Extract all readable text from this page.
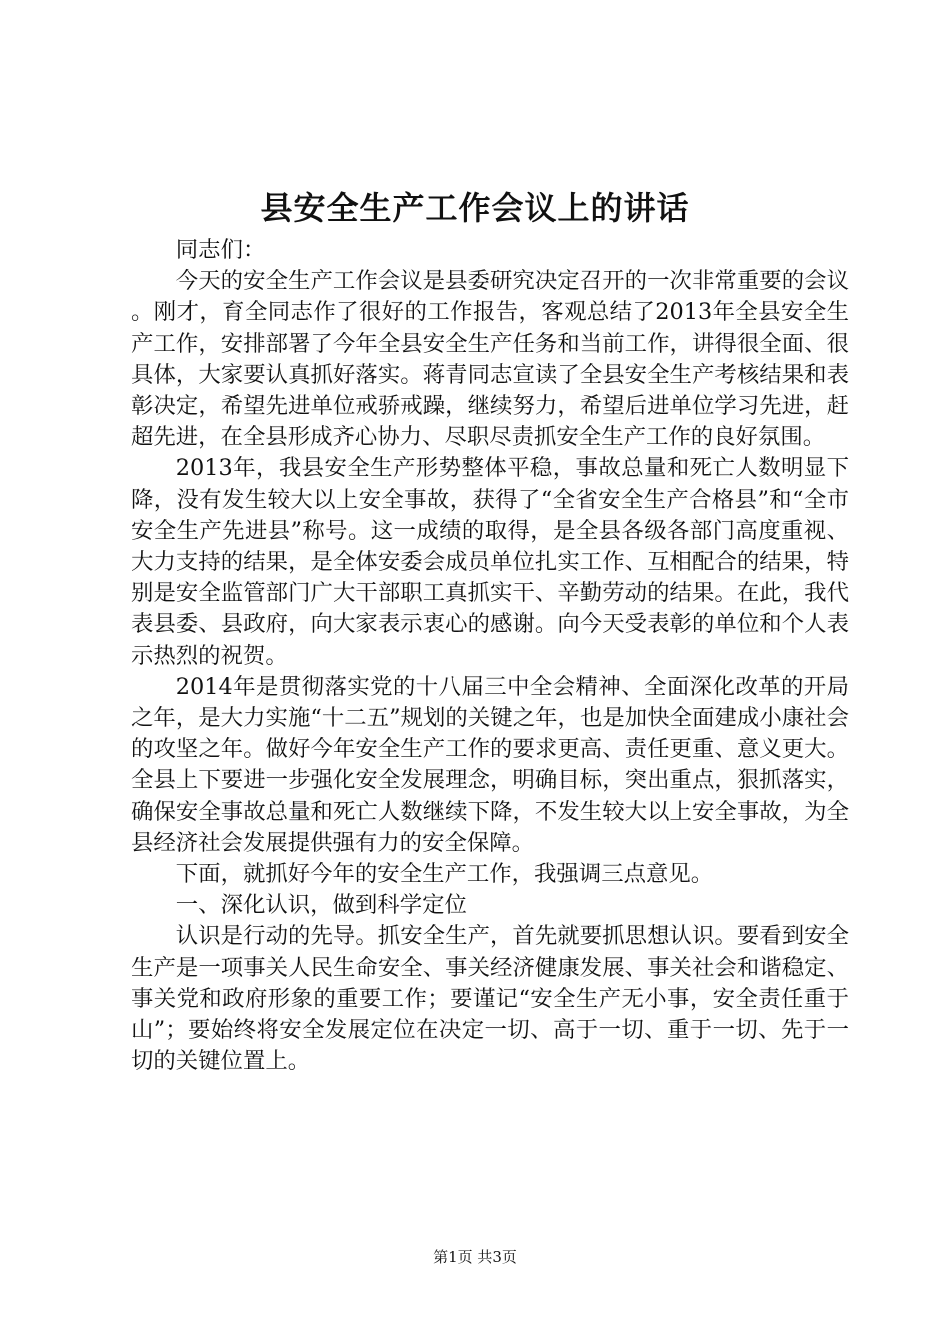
县安全生产工作会议上的讲话

同志们：

今天的安全生产工作会议是县委研究决定召开的一次非常重要的会议。刚才，育全同志作了很好的工作报告，客观总结了2013年全县安全生产工作，安排部署了今年全县安全生产任务和当前工作，讲得很全面、很具体，大家要认真抓好落实。蒋青同志宣读了全县安全生产考核结果和表彰决定，希望先进单位戒骄戒躁，继续努力，希望后进单位学习先进，赶超先进，在全县形成齐心协力、尽职尽责抓安全生产工作的良好氛围。

2013年，我县安全生产形势整体平稳，事故总量和死亡人数明显下降，没有发生较大以上安全事故，获得了“全省安全生产合格县”和“全市安全生产先进县”称号。这一成绩的取得，是全县各级各部门高度重视、大力支持的结果，是全体安委会成员单位扎实工作、互相配合的结果，特别是安全监管部门广大干部职工真抓实干、辛勤劳动的结果。在此，我代表县委、县政府，向大家表示衷心的感谢。向今天受表彰的单位和个人表示热烈的祝贺。

2014年是贯彻落实党的十八届三中全会精神、全面深化改革的开局之年，是大力实施“十二五”规划的关键之年，也是加快全面建成小康社会的攻坚之年。做好今年安全生产工作的要求更高、责任更重、意义更大。全县上下要进一步强化安全发展理念，明确目标，突出重点，狠抓落实，确保安全事故总量和死亡人数继续下降，不发生较大以上安全事故，为全县经济社会发展提供强有力的安全保障。

下面，就抓好今年的安全生产工作，我强调三点意见。

一、深化认识，做到科学定位

认识是行动的先导。抓安全生产，首先就要抓思想认识。要看到安全生产是一项事关人民生命安全、事关经济健康发展、事关社会和谐稳定、事关党和政府形象的重要工作；要谨记“安全生产无小事，安全责任重于山”；要始终将安全发展定位在决定一切、高于一切、重于一切、先于一切的关键位置上。

第1页 共3页
